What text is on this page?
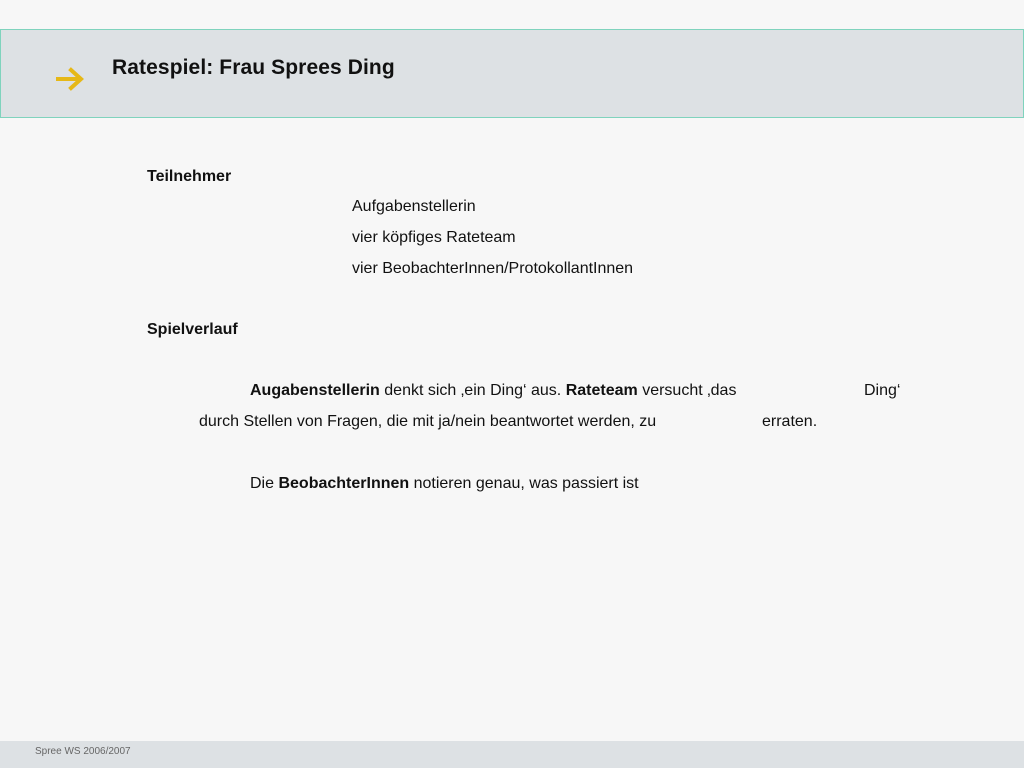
Ratespiel: Frau Sprees Ding
Teilnehmer
Aufgabenstellerin
vier köpfiges Rateteam
vier BeobachterInnen/ProtokollantInnen
Spielverlauf
Augabenstellerin denkt sich ‚ein Ding‘ aus. Rateteam versucht ‚das	Ding‘
durch Stellen von Fragen, die mit ja/nein beantwortet werden, zu	erraten.
Die BeobachterInnen notieren genau, was passiert ist
Spree WS 2006/2007
